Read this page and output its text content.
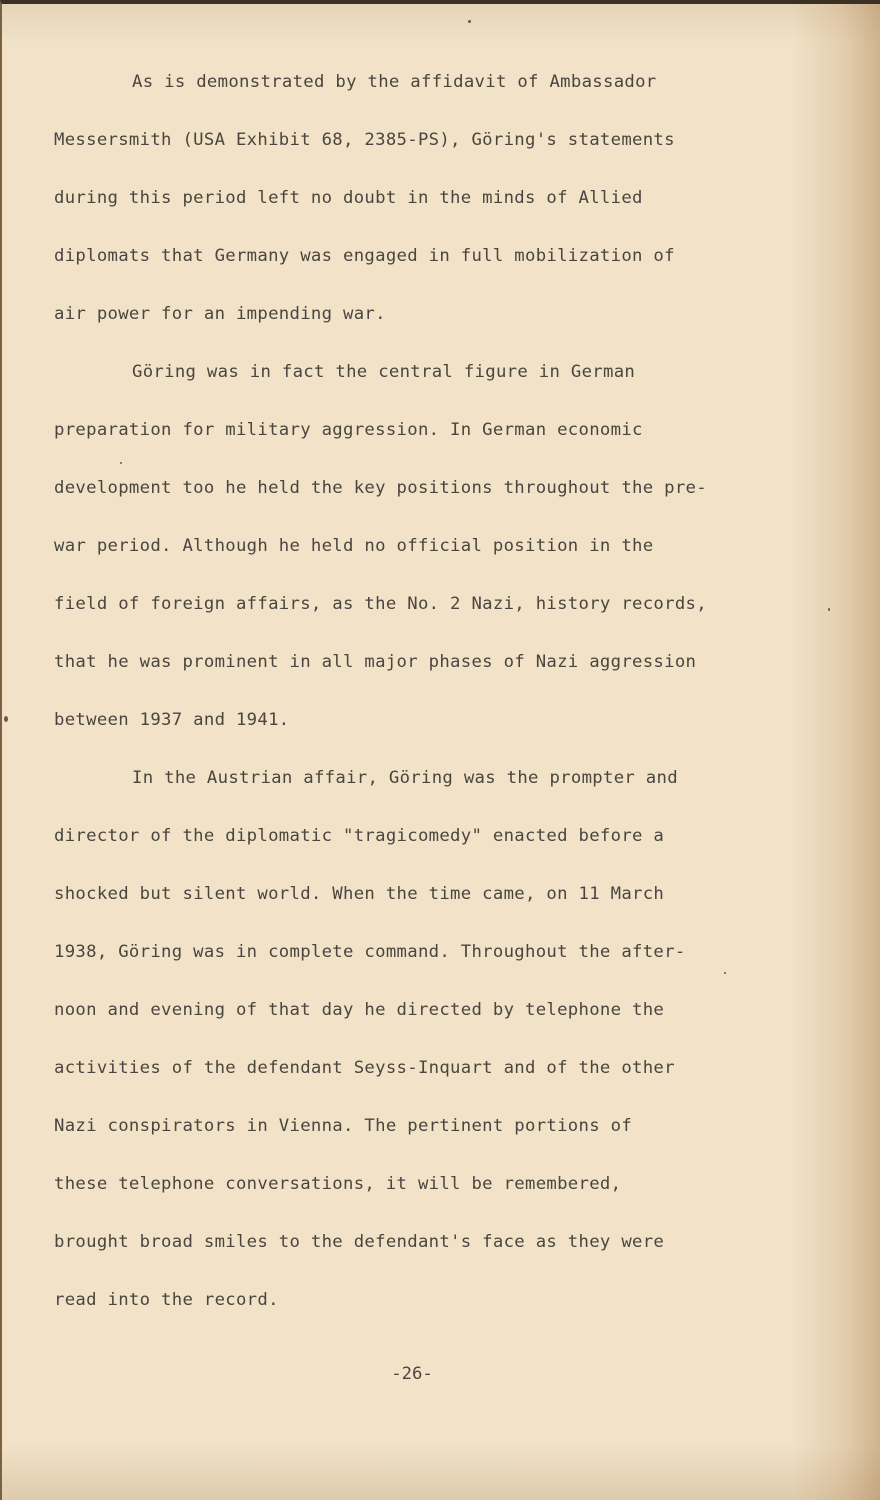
As is demonstrated by the affidavit of Ambassador
Messersmith (USA Exhibit 68, 2385-PS), Göring's statements
during this period left no doubt in the minds of Allied
diplomats that Germany was engaged in full mobilization of
air power for an impending war.
Göring was in fact the central figure in German
preparation for military aggression. In German economic
development too he held the key positions throughout the pre-
war period. Although he held no official position in the
field of foreign affairs, as the No. 2 Nazi, history records,
that he was prominent in all major phases of Nazi aggression
between 1937 and 1941.
In the Austrian affair, Göring was the prompter and
director of the diplomatic "tragicomedy" enacted before a
shocked but silent world. When the time came, on 11 March
1938, Göring was in complete command. Throughout the after-
noon and evening of that day he directed by telephone the
activities of the defendant Seyss-Inquart and of the other
Nazi conspirators in Vienna. The pertinent portions of
these telephone conversations, it will be remembered,
brought broad smiles to the defendant's face as they were
read into the record.
-26-
